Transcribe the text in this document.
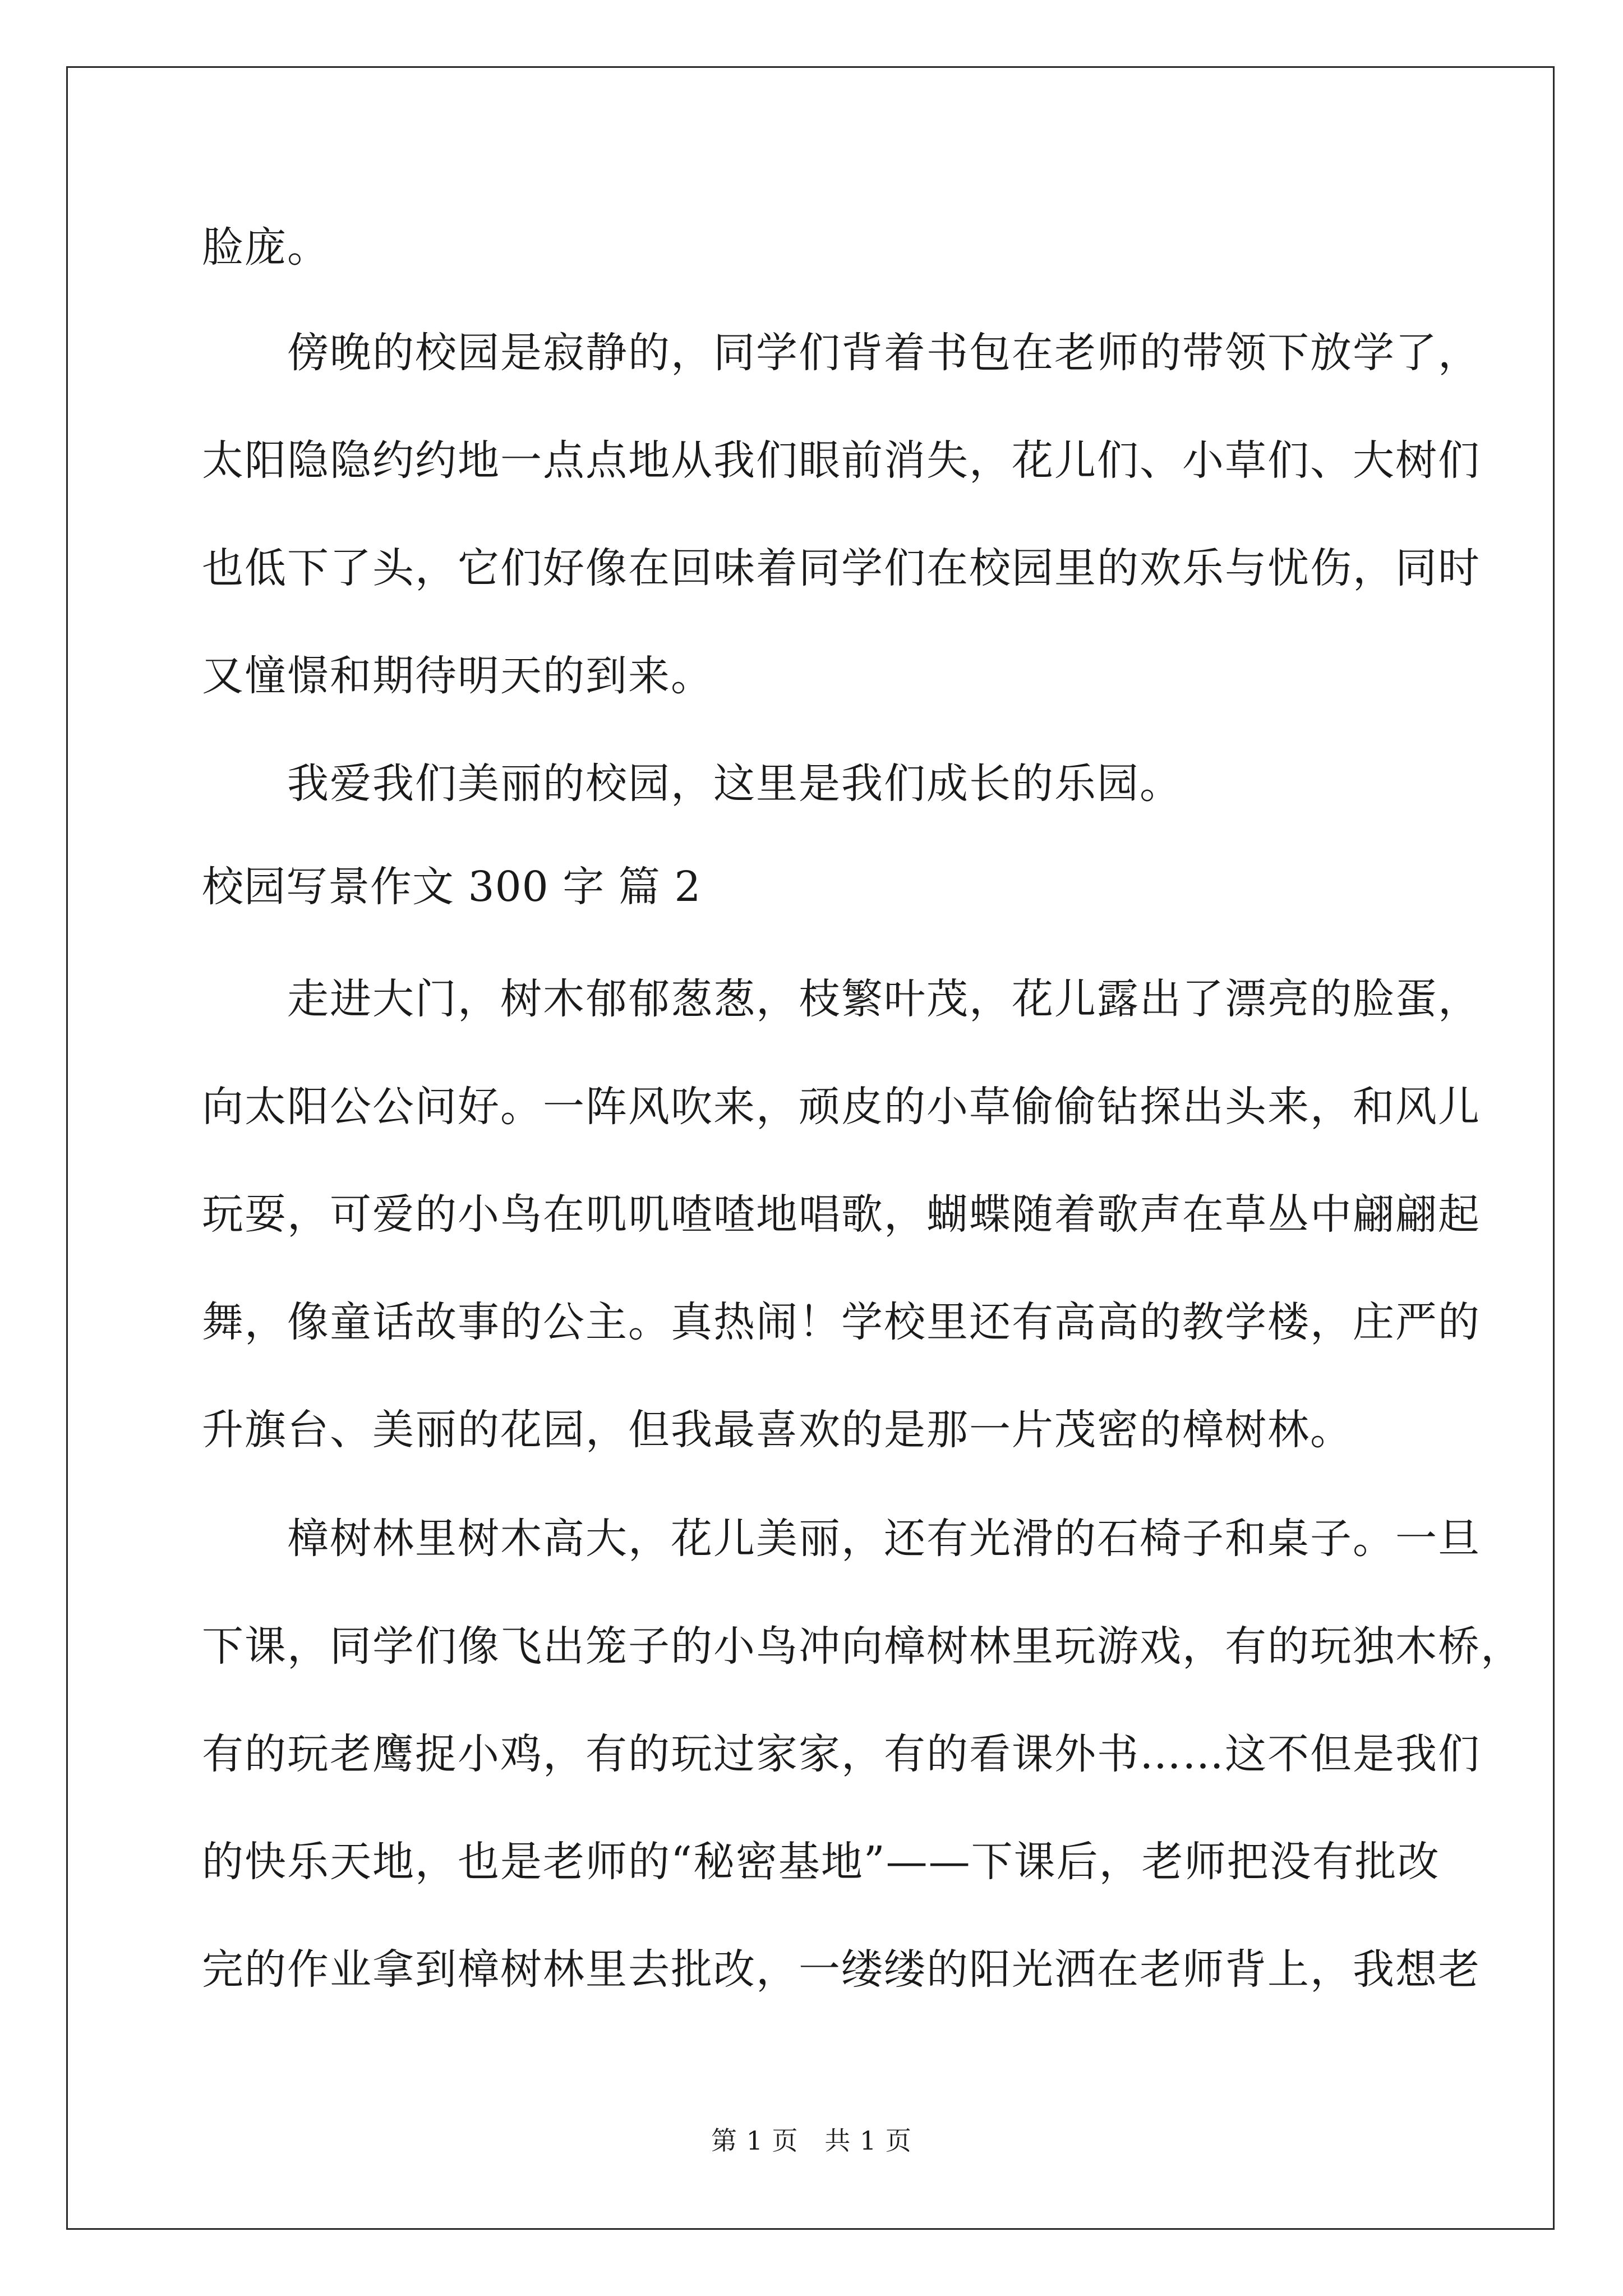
脸庞。
　　傍晚的校园是寂静的，同学们背着书包在老师的带领下放学了，
太阳隐隐约约地一点点地从我们眼前消失，花儿们、小草们、大树们
也低下了头，它们好像在回味着同学们在校园里的欢乐与忧伤，同时
又憧憬和期待明天的到来。
　　我爱我们美丽的校园，这里是我们成长的乐园。
校园写景作文 300 字 篇 2
　　走进大门，树木郁郁葱葱，枝繁叶茂，花儿露出了漂亮的脸蛋，
向太阳公公问好。一阵风吹来，顽皮的小草偷偷钻探出头来，和风儿
玩耍，可爱的小鸟在叽叽喳喳地唱歌，蝴蝶随着歌声在草丛中翩翩起
舞，像童话故事的公主。真热闹！学校里还有高高的教学楼，庄严的
升旗台、美丽的花园，但我最喜欢的是那一片茂密的樟树林。
　　樟树林里树木高大，花儿美丽，还有光滑的石椅子和桌子。一旦
下课，同学们像飞出笼子的小鸟冲向樟树林里玩游戏，有的玩独木桥，
有的玩老鹰捉小鸡，有的玩过家家，有的看课外书……这不但是我们
的快乐天地，也是老师的“秘密基地”——下课后，老师把没有批改
完的作业拿到樟树林里去批改，一缕缕的阳光洒在老师背上，我想老
第 1 页   共 1 页
